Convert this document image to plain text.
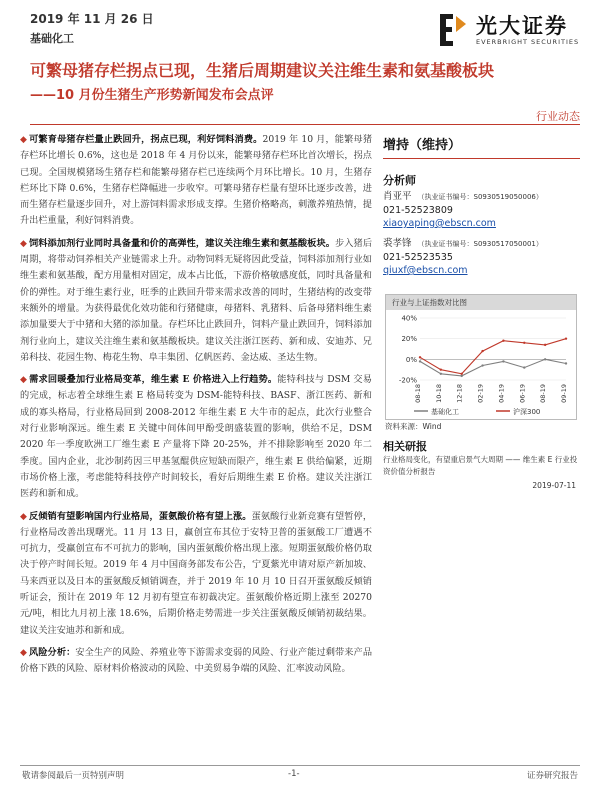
2019 年 11 月 26 日
基础化工
光大证券
EVERBRIGHT SECURITIES
可繁母猪存栏拐点已现，生猪后周期建议关注维生素和氨基酸板块
——10 月份生猪生产形势新闻发布会点评
行业动态

◆ 可繁育母猪存栏量止跌回升，拐点已现，利好饲料消费。2019 年 10 月，能繁母猪存栏环比增长 0.6%，这也是 2018 年 4 月份以来，能繁母猪存栏环比首次增长，拐点已现。全国规模猪场生猪存栏和能繁母猪存栏已连续两个月环比增长。10 月，生猪存栏环比下降 0.6%，生猪存栏降幅进一步收窄。可繁母猪存栏量有望环比逐步改善，进而生猪存栏量逐步回升，对上游饲料需求形成支撑。生猪价格略高，刺激养殖热情，提升出栏重量，利好饲料消费。

◆ 饲料添加剂行业同时具备量和价的高弹性，建议关注维生素和氨基酸板块。步入猪后周期，将带动饲养相关产业链需求上升。动物饲料无疑将因此受益，饲料添加剂行业如维生素和氨基酸，配方用量相对固定，成本占比低，下游价格敏感度低，同时具备量和价的弹性。对于维生素行业，旺季的止跌回升带来需求改善的同时，生猪结构的改变带来额外的增量。为获得最优化效功能和行猪健康，母猪料、乳猪料、后备母猪料维生素添加量要大于中猪和大猪的添加量。存栏环比止跌回升，饲料产量止跌回升，饲料添加剂行业向上，建议关注维生素和氨基酸板块。建议关注浙江医药、新和成、安迪苏、兄弟科技、花园生物、梅花生物、阜丰集团、亿帆医药、金达威、圣达生物。

◆ 需求回暖叠加行业格局变革，维生素 E 价格进入上行趋势。能特科技与 DSM 交易的完成，标志着全球维生素 E 格局转变为 DSM-能特科技、BASF、浙江医药、新和成的寡头格局，行业格局回到 2008-2012 年维生素 E 大牛市的起点，此次行业整合对行业影响深远。维生素 E 关键中间体间甲酚受朗盛装置的影响，供给不足，DSM 2020 年一季度欧洲工厂维生素 E 产量将下降 20-25%，并不排除影响至 2020 年二季度。国内企业，北沙制药因三甲基氢醌供应短缺而限产，维生素 E 供给偏紧，近期市场价格上涨，考虑能特科技停产时间较长，看好后期维生素 E 价格。建议关注浙江医药和新和成。

◆ 反倾销有望影响国内行业格局，蛋氨酸价格有望上涨。蛋氨酸行业新竞赛有望暂停，行业格局改善出现曙光。11 月 13 日，赢创宣布其位于安特卫普的蛋氨酸工厂遭遇不可抗力，受赢创宣布不可抗力的影响，国内蛋氨酸价格出现上涨。短期蛋氨酸价格仍取决于停产时间长短。2019 年 4 月中国商务部发布公告，宁夏紫光申请对原产新加坡、马来西亚以及日本的蛋氨酸反倾销调查，并于 2019 年 10 月 10 日召开蛋氨酸反倾销听证会，预计在 2019 年 12 月初有望宣布初裁决定。蛋氨酸价格近期上涨至 20270 元/吨，相比九月初上涨 18.6%，后期价格走势需进一步关注蛋氨酸反倾销初裁结果。建议关注安迪苏和新和成。

◆ 风险分析：安全生产的风险、养殖业等下游需求变弱的风险、行业产能过剩带来产品价格下跌的风险、原材料价格波动的风险、中美贸易争端的风险、汇率波动风险。

增持（维持）
分析师
肖亚平 （执业证书编号：S0930519050006）
021-52523809
xiaoyaping@ebscn.com
裘孝锋 （执业证书编号：S0930517050001）
021-52523535
qiuxf@ebscn.com
行业与上证指数对比图
40%
20%
0%
-20%
08-18 10-18 12-18 02-19 04-19 06-19 08-19 09-19
基础化工	沪深300
资料来源：Wind
相关研报
行业格局变化，有望重启景气大周期 —— 维生素 E 行业投资价值分析报告
2019-07-11
敬请参阅最后一页特别声明	-1-	证券研究报告
